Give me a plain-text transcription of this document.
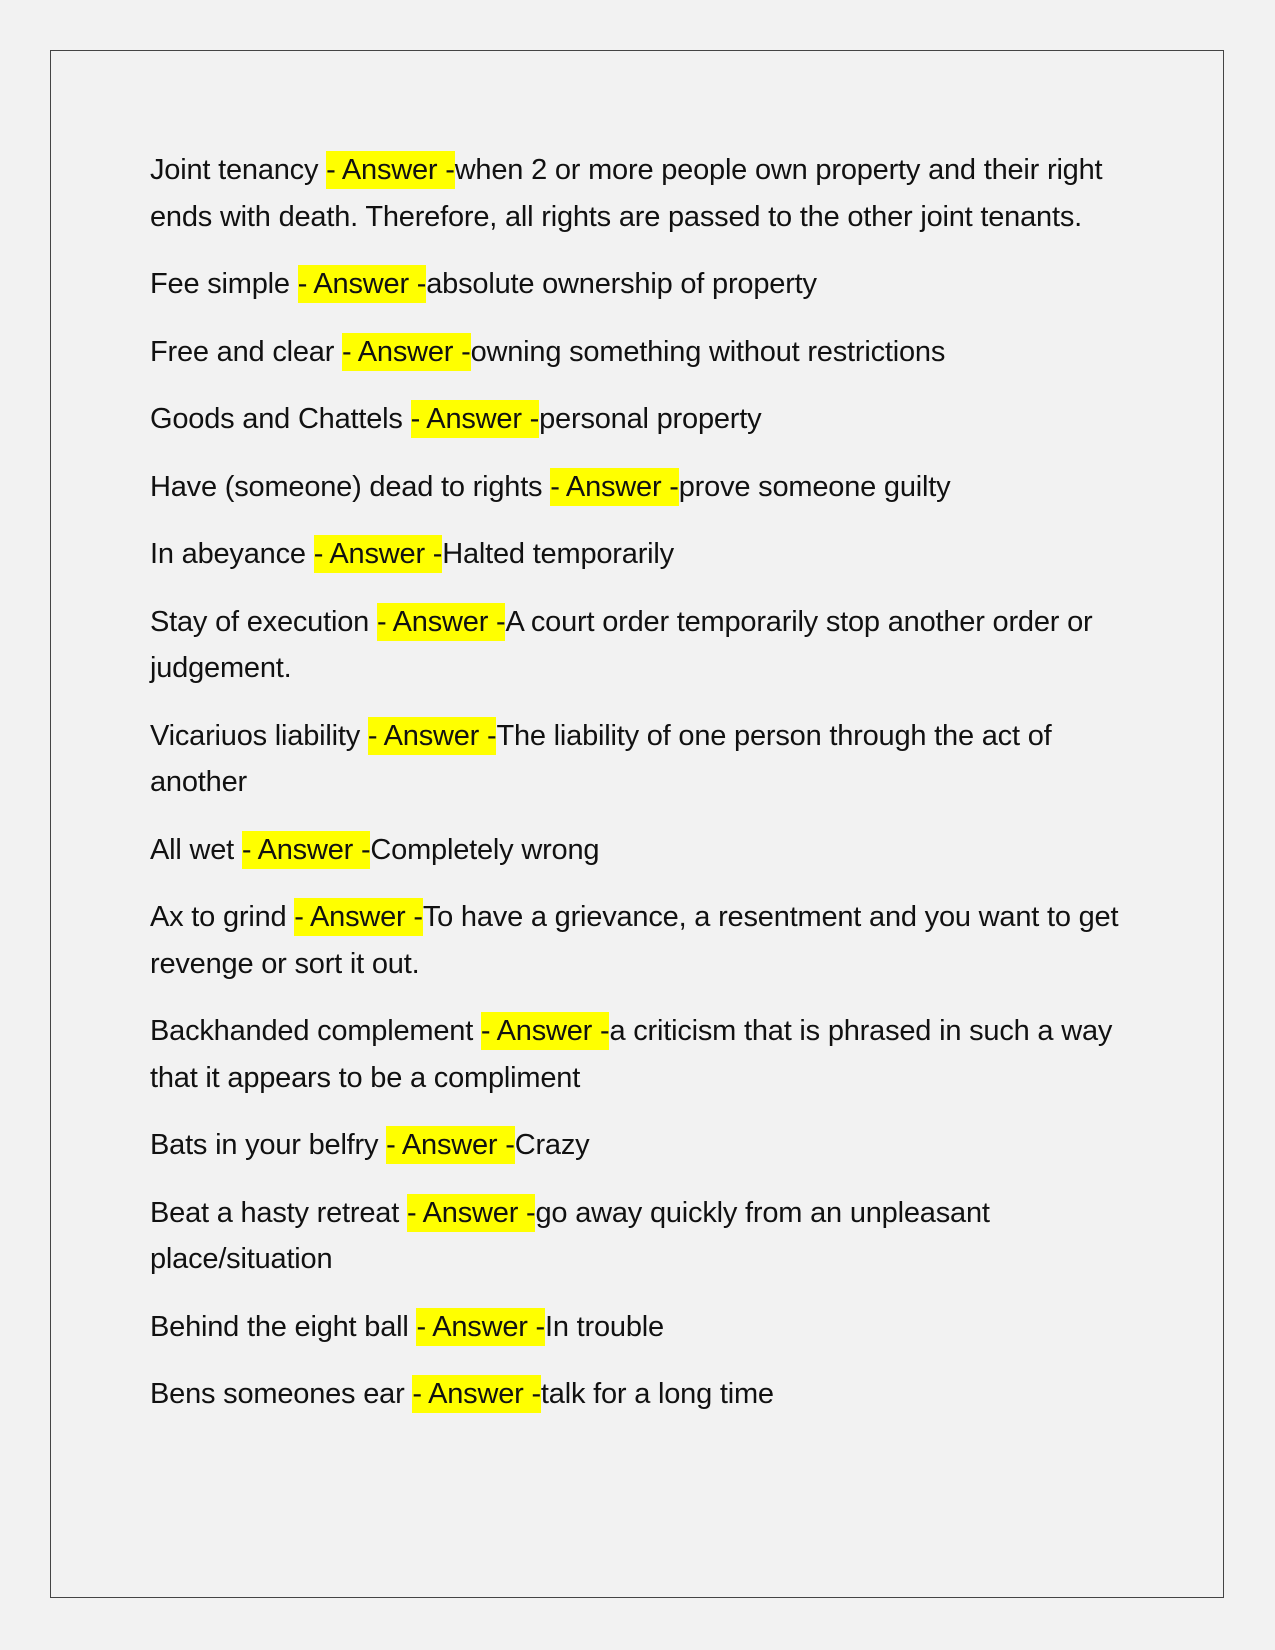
Joint tenancy - Answer -when 2 or more people own property and their right ends with death. Therefore, all rights are passed to the other joint tenants.

Fee simple - Answer -absolute ownership of property

Free and clear - Answer -owning something without restrictions

Goods and Chattels - Answer -personal property

Have (someone) dead to rights - Answer -prove someone guilty

In abeyance - Answer -Halted temporarily

Stay of execution - Answer -A court order temporarily stop another order or judgement.

Vicariuos liability - Answer -The liability of one person through the act of another

All wet - Answer -Completely wrong

Ax to grind - Answer -To have a grievance, a resentment and you want to get revenge or sort it out.

Backhanded complement - Answer -a criticism that is phrased in such a way that it appears to be a compliment

Bats in your belfry - Answer -Crazy

Beat a hasty retreat - Answer -go away quickly from an unpleasant place/situation

Behind the eight ball - Answer -In trouble

Bens someones ear - Answer -talk for a long time
